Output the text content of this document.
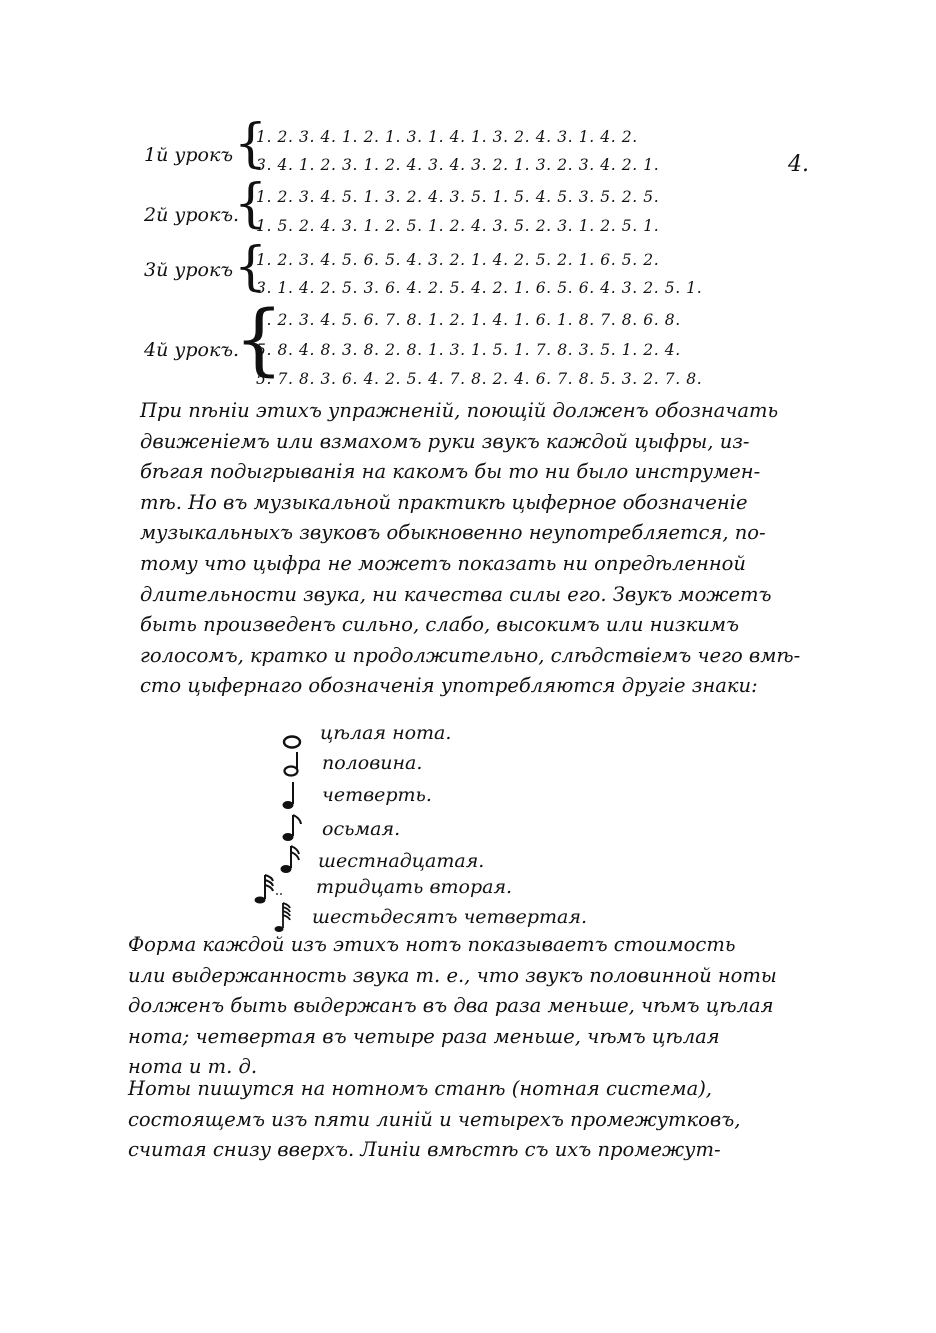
4.
1й урокъ {
1. 2. 3. 4. 1. 2. 1. 3. 1. 4. 1. 3. 2. 4. 3. 1. 4. 2.
3. 4. 1. 2. 3. 1. 2. 4. 3. 4. 3. 2. 1. 3. 2. 3. 4. 2. 1.
2й урокъ.
{
1. 2. 3. 4. 5. 1. 3. 2. 4. 3. 5. 1. 5. 4. 5. 3. 5. 2. 5.
1. 5. 2. 4. 3. 1. 2. 5. 1. 2. 4. 3. 5. 2. 3. 1. 2. 5. 1.
3й урокъ {
1. 2. 3. 4. 5. 6. 5. 4. 3. 2. 1. 4. 2. 5. 2. 1. 6. 5. 2.
3. 1. 4. 2. 5. 3. 6. 4. 2. 5. 4. 2. 1. 6. 5. 6. 4. 3. 2. 5. 1.
4й урокъ.
{
1. 2. 3. 4. 5. 6. 7. 8. 1. 2. 1. 4. 1. 6. 1. 8. 7. 8. 6. 8.
5. 8. 4. 8. 3. 8. 2. 8. 1. 3. 1. 5. 1. 7. 8. 3. 5. 1. 2. 4.
5. 7. 8. 3. 6. 4. 2. 5. 4. 7. 8. 2. 4. 6. 7. 8. 5. 3. 2. 7. 8.

При пѣніи этихъ упражненій, поющій долженъ обозначать

движеніемъ или взмахомъ руки звукъ каждой цыфры, из-

бѣгая подыгрыванія на какомъ бы то ни было инструмен-

тѣ. Но въ музыкальной практикѣ цыферное обозначеніе

музыкальныхъ звуковъ обыкновенно неупотребляется, по-

тому что цыфра не можетъ показать ни опредѣленной

длительности звука, ни качества силы его. Звукъ можетъ

быть произведенъ сильно, слабо, высокимъ или низкимъ

голосомъ, кратко и продолжительно, слѣдствіемъ чего вмѣ-

сто цыфернаго обозначенія употребляются другіе знаки:

цѣлая нота.
половина.
четверть.
осьмая.
шестнадцатая.
тридцать вторая.
шестьдесятъ четвертая.

Форма каждой изъ этихъ нотъ показываетъ стоимость

или выдержанность звука т. е., что звукъ половинной ноты

долженъ быть выдержанъ въ два раза меньше, чѣмъ цѣлая

нота; четвертая въ четыре раза меньше, чѣмъ цѣлая

нота и т. д.

Ноты пишутся на нотномъ станѣ (нотная система),

состоящемъ изъ пяти линій и четырехъ промежутковъ,

считая снизу вверхъ. Линіи вмѣстѣ съ ихъ промежут-
